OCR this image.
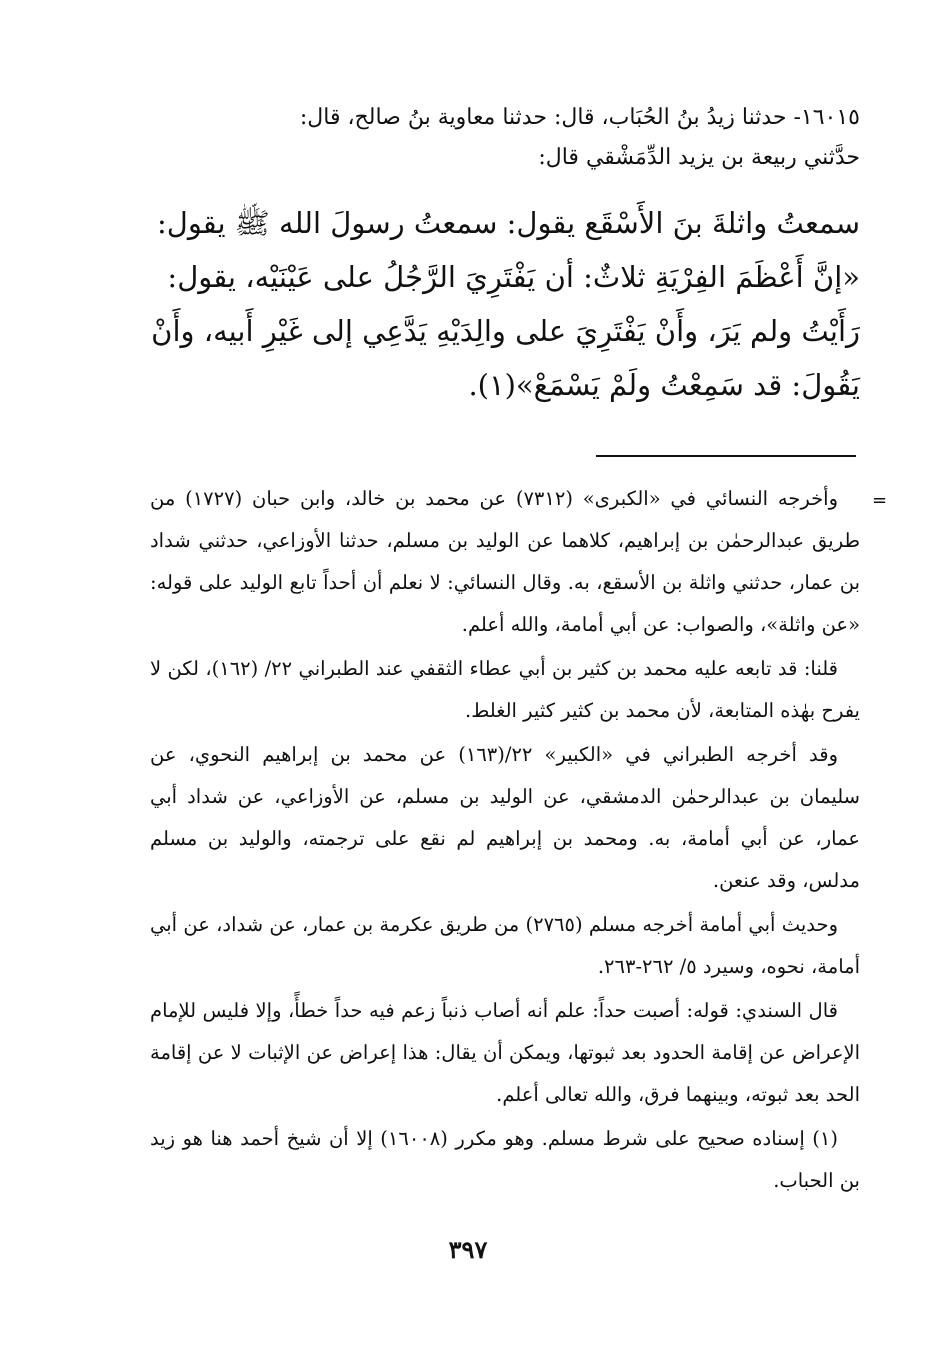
١٦٠١٥- حدثنا زيدُ بنُ الحُبَاب، قال: حدثنا معاوية بنُ صالح، قال:

حدَّثني ربيعة بن يزيد الدِّمَشْقي قال:

سمعتُ واثلةَ بنَ الأَسْقَع يقول: سمعتُ رسولَ الله ﷺ يقول:

«إنَّ أَعْظَمَ الفِرْيَةِ ثلاثٌ: أن يَفْتَرِيَ الرَّجُلُ على عَيْنَيْه، يقول:

رَأَيْتُ ولم يَرَ، وأَنْ يَفْتَرِيَ على والِدَيْهِ يَدَّعِي إلى غَيْرِ أَبيه، وأَنْ

يَقُولَ: قد سَمِعْتُ ولَمْ يَسْمَعْ»(١).

=

وأخرجه النسائي في «الكبرى» (٧٣١٢) عن محمد بن خالد، وابن حبان (١٧٢٧) من طريق عبدالرحمٰن بن إبراهيم، كلاهما عن الوليد بن مسلم، حدثنا الأوزاعي، حدثني شداد بن عمار، حدثني واثلة بن الأسقع، به. وقال النسائي: لا نعلم أن أحداً تابع الوليد على قوله: «عن واثلة»، والصواب: عن أبي أمامة، والله أعلم.

قلنا: قد تابعه عليه محمد بن كثير بن أبي عطاء الثقفي عند الطبراني ٢٢/ (١٦٢)، لكن لا يفرح بهٰذه المتابعة، لأن محمد بن كثير كثير الغلط.

وقد أخرجه الطبراني في «الكبير» ٢٢/(١٦٣) عن محمد بن إبراهيم النحوي، عن سليمان بن عبدالرحمٰن الدمشقي، عن الوليد بن مسلم، عن الأوزاعي، عن شداد أبي عمار، عن أبي أمامة، به. ومحمد بن إبراهيم لم نقع على ترجمته، والوليد بن مسلم مدلس، وقد عنعن.

وحديث أبي أمامة أخرجه مسلم (٢٧٦٥) من طريق عكرمة بن عمار، عن شداد، عن أبي أمامة، نحوه، وسيرد ٥/ ٢٦٢-٢٦٣.

قال السندي: قوله: أصبت حداً: علم أنه أصاب ذنباً زعم فيه حداً خطأً، وإلا فليس للإمام الإعراض عن إقامة الحدود بعد ثبوتها، ويمكن أن يقال: هذا إعراض عن الإثبات لا عن إقامة الحد بعد ثبوته، وبينهما فرق، والله تعالى أعلم.

(١) إسناده صحيح على شرط مسلم. وهو مكرر (١٦٠٠٨) إلا أن شيخ أحمد هنا هو زيد بن الحباب.

٣٩٧
